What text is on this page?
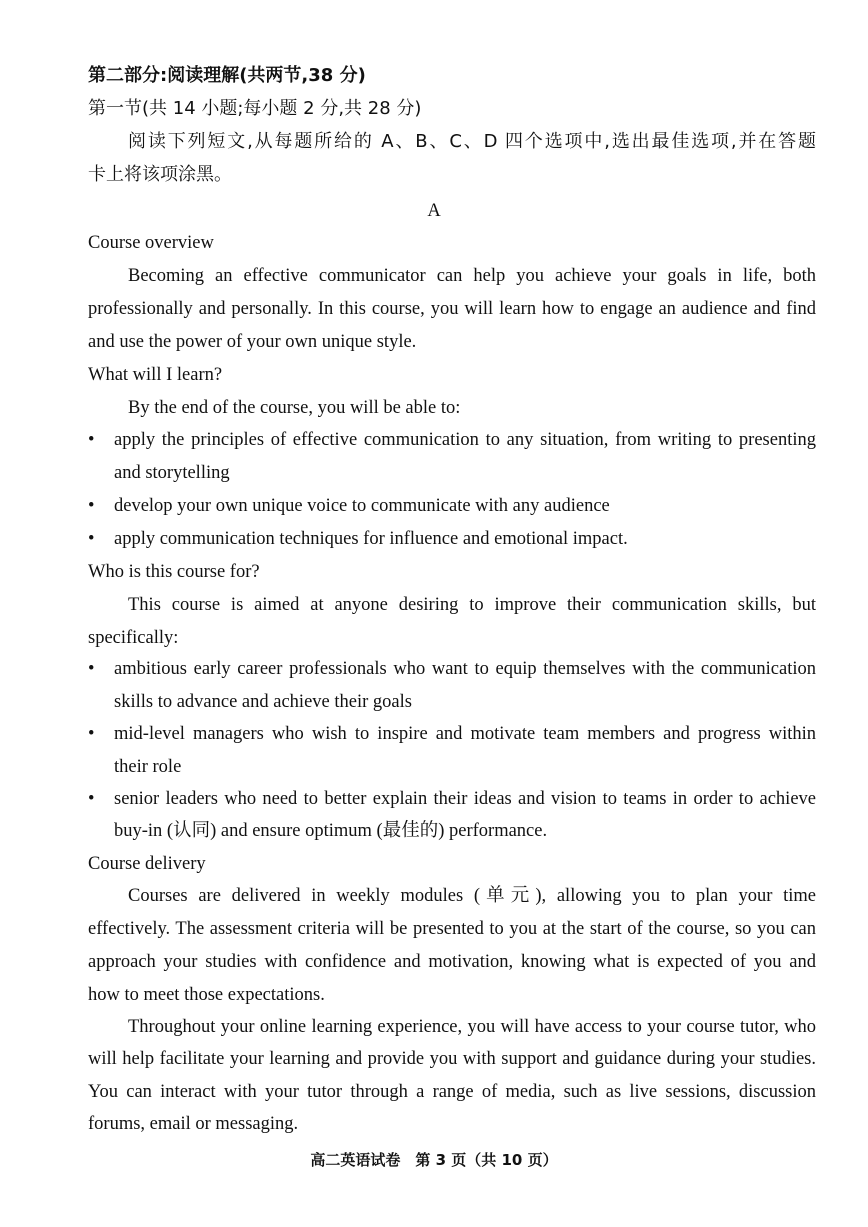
第二部分:阅读理解(共两节,38 分)
第一节(共 14 小题;每小题 2 分,共 28 分)
阅读下列短文,从每题所给的 A、B、C、D 四个选项中,选出最佳选项,并在答题
卡上将该项涂黑。
A
Course overview
Becoming an effective communicator can help you achieve your goals in life, both
professionally and personally. In this course, you will learn how to engage an audience and find
and use the power of your own unique style.
What will I learn?
By the end of the course, you will be able to:
•	apply the principles of effective communication to any situation, from writing to presenting
and storytelling
•	develop your own unique voice to communicate with any audience
•	apply communication techniques for influence and emotional impact.
Who is this course for?
This course is aimed at anyone desiring to improve their communication skills, but
specifically:
•	ambitious early career professionals who want to equip themselves with the communication
skills to advance and achieve their goals
•	mid-level managers who wish to inspire and motivate team members and progress within
their role
•	senior leaders who need to better explain their ideas and vision to teams in order to achieve
buy-in (认同) and ensure optimum (最佳的) performance.
Course delivery
Courses are delivered in weekly modules (单元), allowing you to plan your time
effectively. The assessment criteria will be presented to you at the start of the course, so you can
approach your studies with confidence and motivation, knowing what is expected of you and
how to meet those expectations.
Throughout your online learning experience, you will have access to your course tutor, who
will help facilitate your learning and provide you with support and guidance during your studies.
You can interact with your tutor through a range of media, such as live sessions, discussion
forums, email or messaging.
高二英语试卷　第 3 页（共 10 页）
